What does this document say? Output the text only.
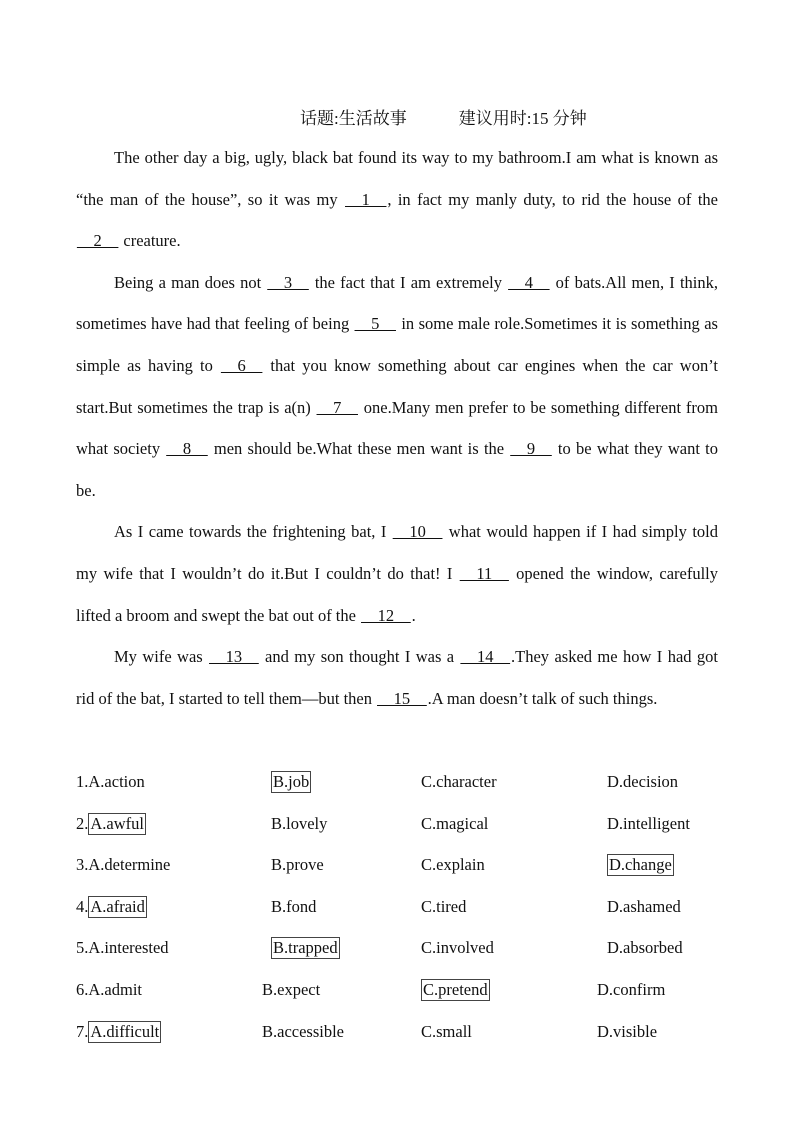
话题:生活故事	建议用时:15 分钟

The other day a big, ugly, black bat found its way to my bathroom.I am what is known as “the man of the house”, so it was my __1__, in fact my manly duty, to rid the house of the __2__ creature.

Being a man does not __3__ the fact that I am extremely __4__ of bats.All men, I think, sometimes have had that feeling of being __5__ in some male role.Sometimes it is something as simple as having to __6__ that you know something about car engines when the car won’t start.But sometimes the trap is a(n) __7__ one.Many men prefer to be something different from what society __8__ men should be.What these men want is the __9__ to be what they want to be.

As I came towards the frightening bat, I __10__ what would happen if I had simply told my wife that I wouldn’t do it.But I couldn’t do that! I __11__ opened the window, carefully lifted a broom and swept the bat out of the __12__.

My wife was __13__ and my son thought I was a __14__.They asked me how I had got rid of the bat, I started to tell them—but then __15__.A man doesn’t talk of such things.

1.A.action	B.job	C.character	D.decision
2. A.awful	B.lovely	C.magical	D.intelligent
3.A.determine	B.prove	C.explain	D.change
4. A.afraid	B.fond	C.tired	D.ashamed
5.A.interested	B.trapped	C.involved	D.absorbed
6.A.admit	B.expect	C.pretend	D.confirm
7. A.difficult	B.accessible	C.small	D.visible
